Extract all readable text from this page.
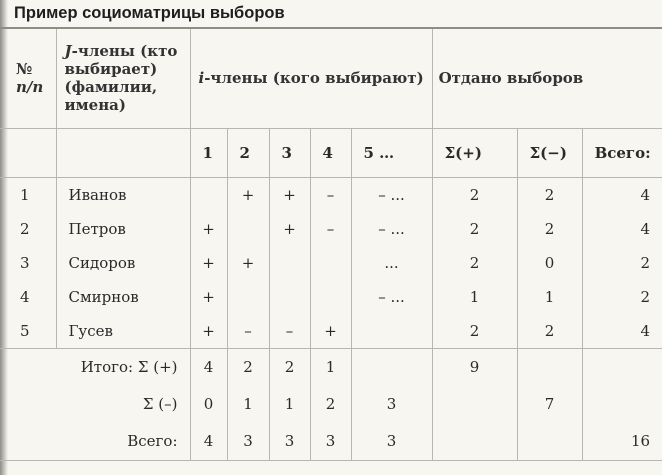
Пример социоматрицы выборов
№
п/п	J-члены (кто выбирает) (фамилии, имена)	i-члены (кого выбирают)					Отдано выборов		
		1	2	3	4	5 …	Σ(+)	Σ(−)	Всего:
1	Иванов		+	+	–	– ...	2	2	4
2	Петров	+		+	–	– ...	2	2	4
3	Сидоров	+	+			...	2	0	2
4	Смирнов	+				– ...	1	1	2
5	Гусев	+	–	–	+		2	2	4
Итого: Σ (+)		4	2	2	1		9		
Σ (–)		0	1	1	2	3		7	
Всего:		4	3	3	3	3			16
